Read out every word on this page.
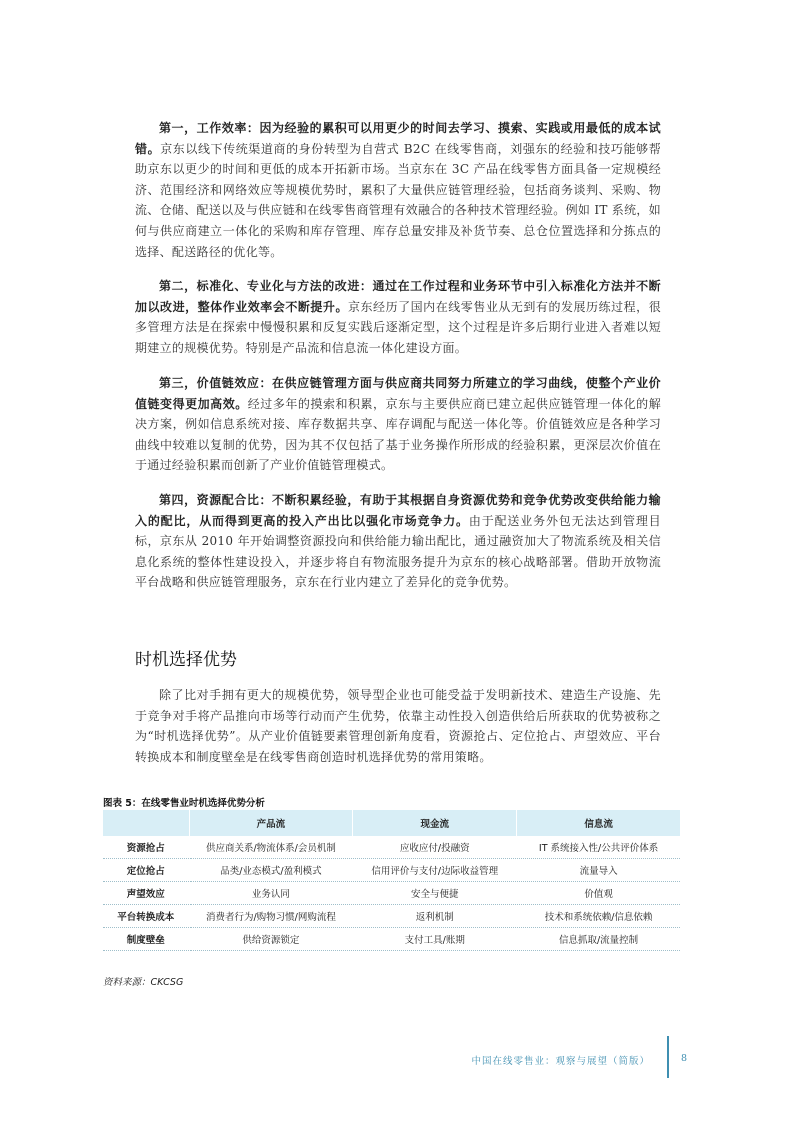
第一，工作效率：因为经验的累积可以用更少的时间去学习、摸索、实践或用最低的成本试错。京东以线下传统渠道商的身份转型为自营式 B2C 在线零售商，刘强东的经验和技巧能够帮助京东以更少的时间和更低的成本开拓新市场。当京东在 3C 产品在线零售方面具备一定规模经济、范围经济和网络效应等规模优势时，累积了大量供应链管理经验，包括商务谈判、采购、物流、仓储、配送以及与供应链和在线零售商管理有效融合的各种技术管理经验。例如 IT 系统，如何与供应商建立一体化的采购和库存管理、库存总量安排及补货节奏、总仓位置选择和分拣点的选择、配送路径的优化等。

第二，标准化、专业化与方法的改进：通过在工作过程和业务环节中引入标准化方法并不断加以改进，整体作业效率会不断提升。京东经历了国内在线零售业从无到有的发展历练过程，很多管理方法是在探索中慢慢积累和反复实践后逐渐定型，这个过程是许多后期行业进入者难以短期建立的规模优势。特别是产品流和信息流一体化建设方面。

第三，价值链效应：在供应链管理方面与供应商共同努力所建立的学习曲线，使整个产业价值链变得更加高效。经过多年的摸索和积累，京东与主要供应商已建立起供应链管理一体化的解决方案，例如信息系统对接、库存数据共享、库存调配与配送一体化等。价值链效应是各种学习曲线中较难以复制的优势，因为其不仅包括了基于业务操作所形成的经验积累，更深层次价值在于通过经验积累而创新了产业价值链管理模式。

第四，资源配合比：不断积累经验，有助于其根据自身资源优势和竞争优势改变供给能力输入的配比，从而得到更高的投入产出比以强化市场竞争力。由于配送业务外包无法达到管理目标，京东从 2010 年开始调整资源投向和供给能力输出配比，通过融资加大了物流系统及相关信息化系统的整体性建设投入，并逐步将自有物流服务提升为京东的核心战略部署。借助开放物流平台战略和供应链管理服务，京东在行业内建立了差异化的竞争优势。

时机选择优势

除了比对手拥有更大的规模优势，领导型企业也可能受益于发明新技术、建造生产设施、先于竞争对手将产品推向市场等行动而产生优势，依靠主动性投入创造供给后所获取的优势被称之为“时机选择优势”。从产业价值链要素管理创新角度看，资源抢占、定位抢占、声望效应、平台转换成本和制度壁垒是在线零售商创造时机选择优势的常用策略。

图表 5：在线零售业时机选择优势分析

	产品流	现金流	信息流
资源抢占	供应商关系/物流体系/会员机制	应收应付/投融资	IT 系统接入性/公共评价体系
定位抢占	品类/业态模式/盈利模式	信用评价与支付/边际收益管理	流量导入
声望效应	业务认同	安全与便捷	价值观
平台转换成本	消费者行为/购物习惯/网购流程	返利机制	技术和系统依赖/信息依赖
制度壁垒	供给资源锁定	支付工具/账期	信息抓取/流量控制

资料来源：CKCSG

中国在线零售业：观察与展望（简版）	8
